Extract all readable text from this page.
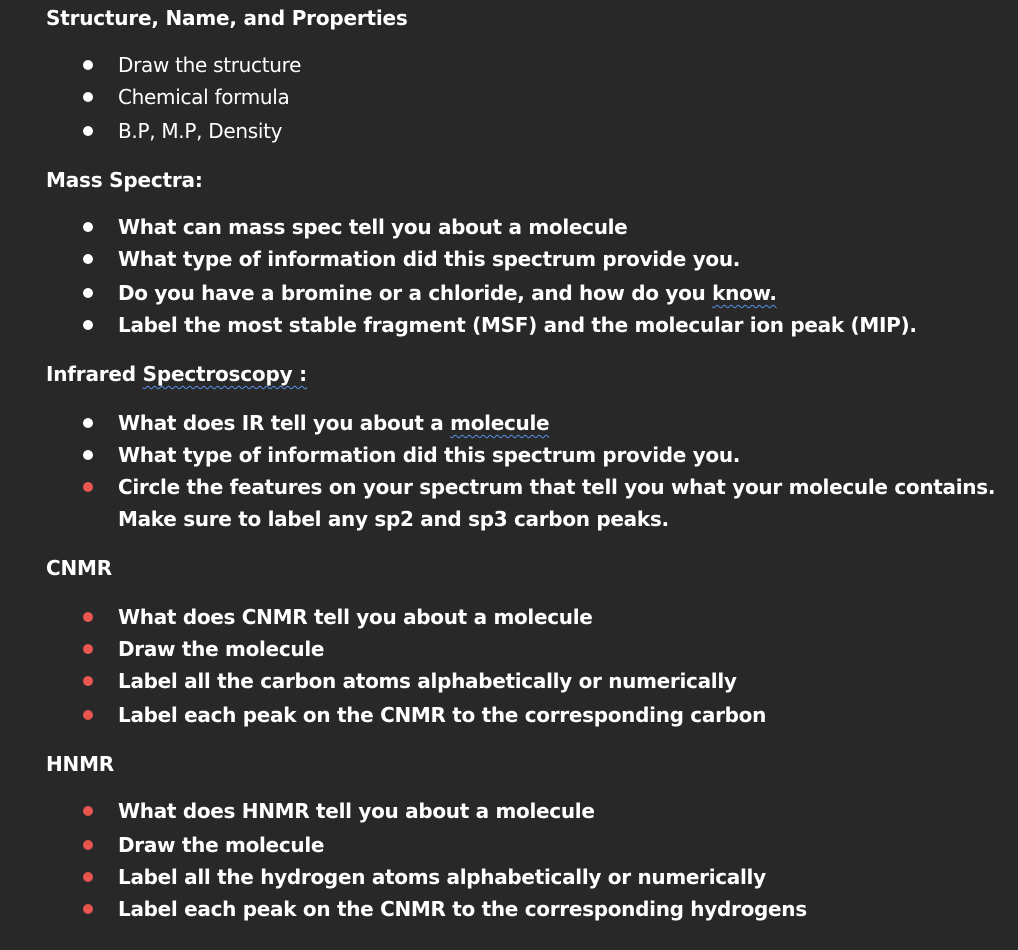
Structure, Name, and Properties
Draw the structure
Chemical formula
B.P, M.P, Density
Mass Spectra:
What can mass spec tell you about a molecule
What type of information did this spectrum provide you.
Do you have a bromine or a chloride, and how do you know.
Label the most stable fragment (MSF) and the molecular ion peak (MIP).
Infrared Spectroscopy :
What does IR tell you about a molecule
What type of information did this spectrum provide you.
Circle the features on your spectrum that tell you what your molecule contains. Make sure to label any sp2 and sp3 carbon peaks.
CNMR
What does CNMR tell you about a molecule
Draw the molecule
Label all the carbon atoms alphabetically or numerically
Label each peak on the CNMR to the corresponding carbon
HNMR
What does HNMR tell you about a molecule
Draw the molecule
Label all the hydrogen atoms alphabetically or numerically
Label each peak on the CNMR to the corresponding hydrogens
